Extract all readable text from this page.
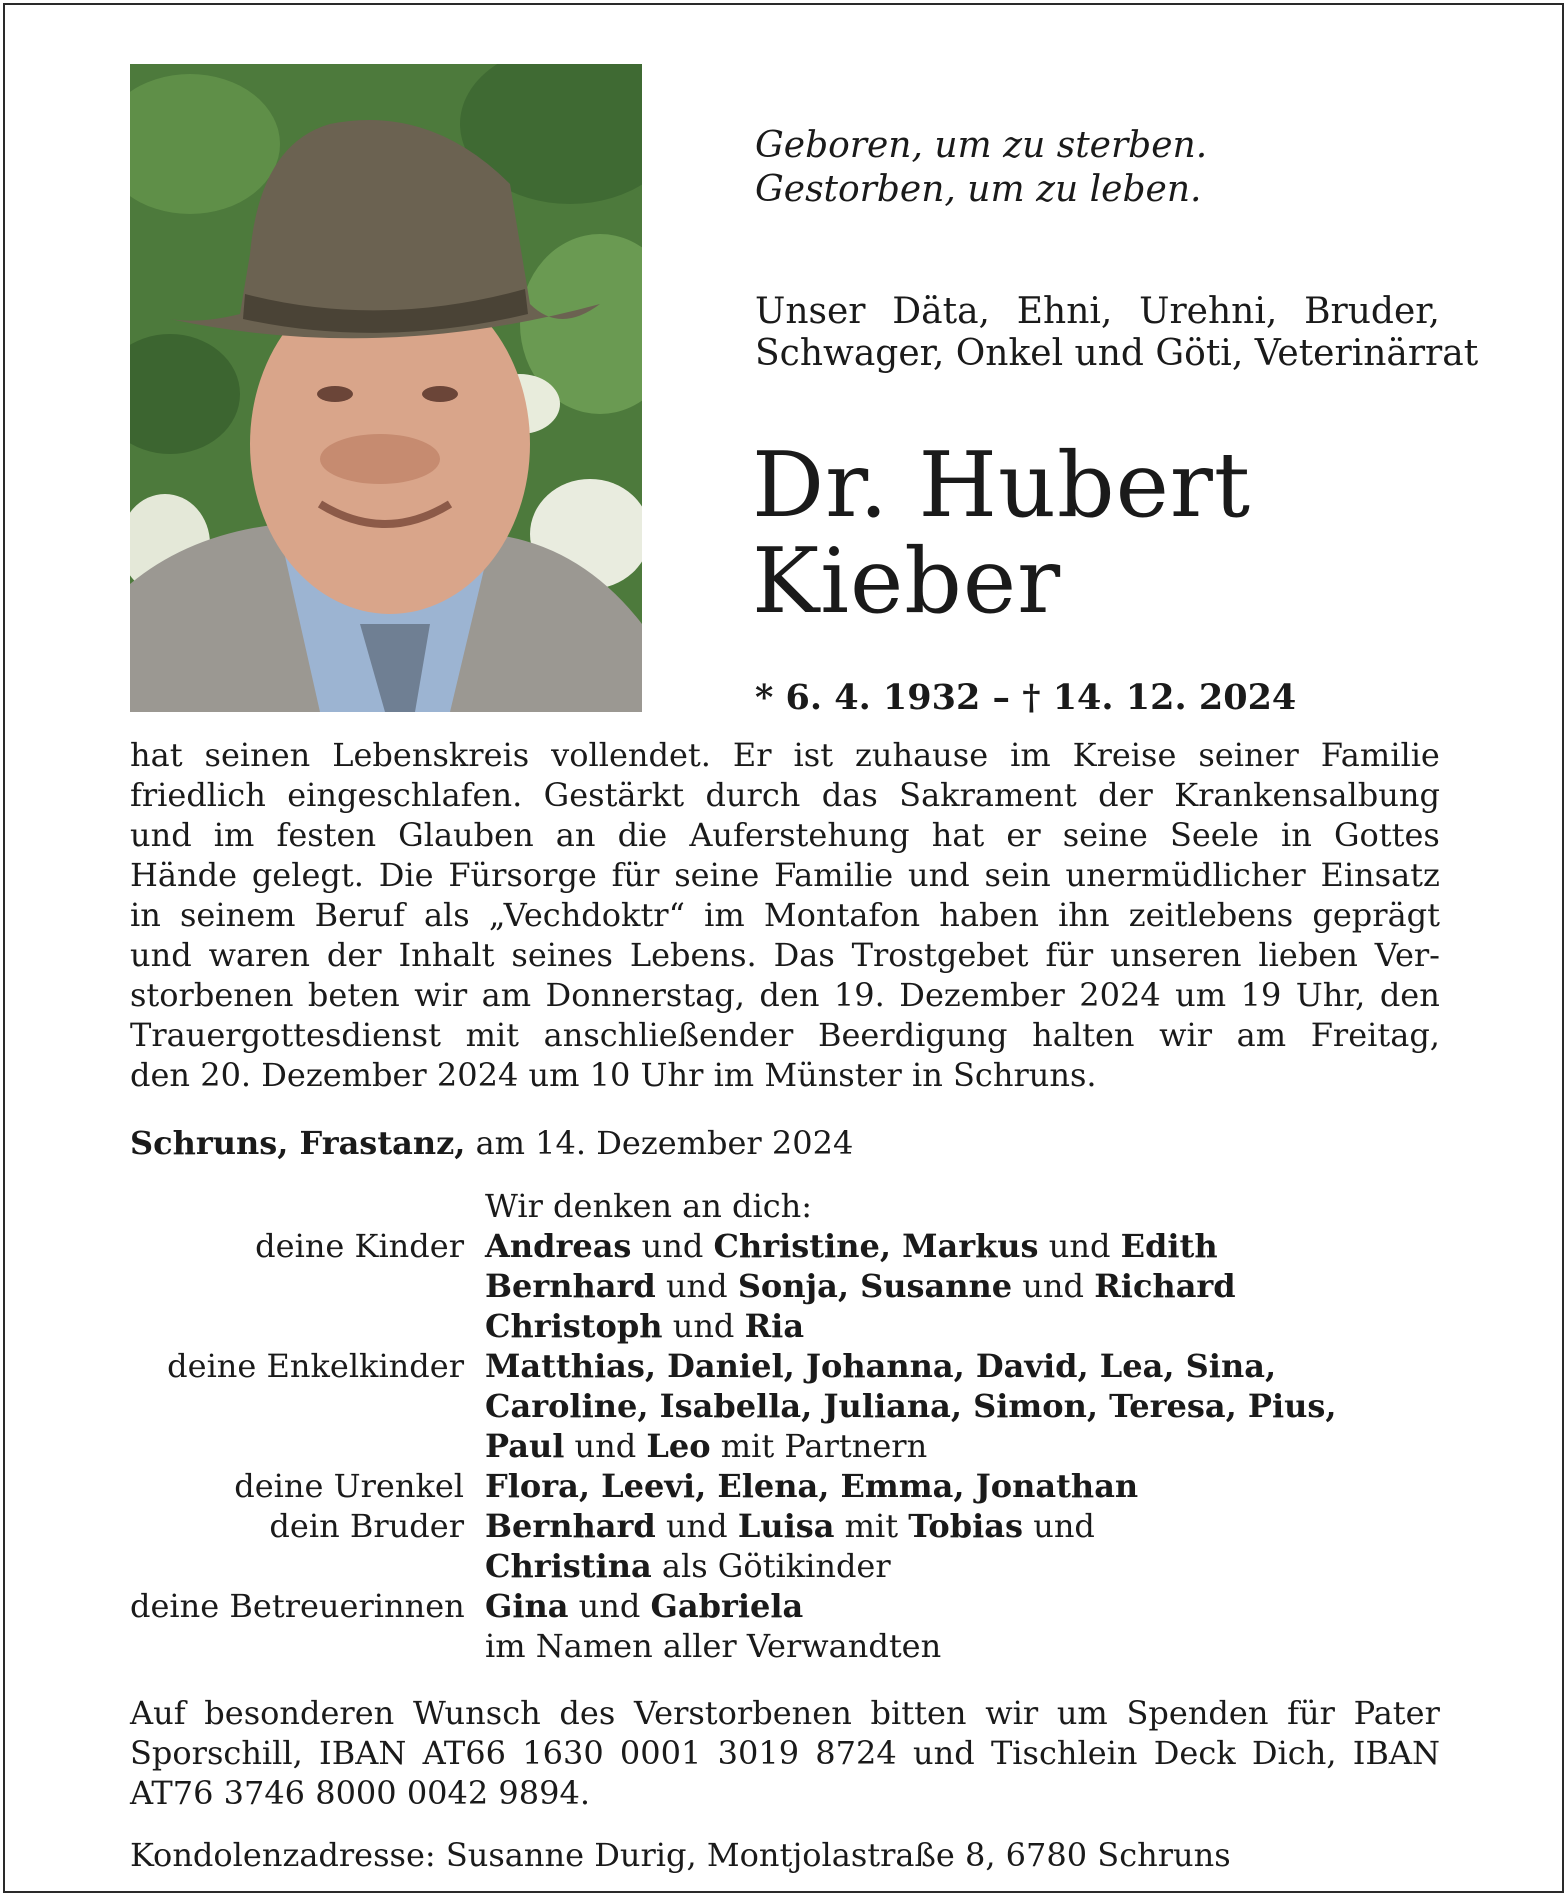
Geboren, um zu sterben.
Gestorben, um zu leben.
Unser Däta, Ehni, Urehni, Bruder,
Schwager, Onkel und Göti, Veterinärrat
Dr. Hubert
Kieber
* 6. 4. 1932 – † 14. 12. 2024
hat seinen Lebenskreis vollendet. Er ist zuhause im Kreise seiner Familie
friedlich eingeschlafen. Gestärkt durch das Sakrament der Krankensalbung
und im festen Glauben an die Auferstehung hat er seine Seele in Gottes
Hände gelegt. Die Fürsorge für seine Familie und sein unermüdlicher Einsatz
in seinem Beruf als „Vechdoktr“ im Montafon haben ihn zeitlebens geprägt
und waren der Inhalt seines Lebens. Das Trostgebet für unseren lieben Ver-
storbenen beten wir am Donnerstag, den 19. Dezember 2024 um 19 Uhr, den
Trauergottesdienst mit anschließender Beerdigung halten wir am Freitag,
den 20. Dezember 2024 um 10 Uhr im Münster in Schruns.
Schruns, Frastanz, am 14. Dezember 2024
Wir denken an dich:
deine Kinder Andreas und Christine, Markus und Edith
Bernhard und Sonja, Susanne und Richard
Christoph und Ria
deine Enkelkinder Matthias, Daniel, Johanna, David, Lea, Sina,
Caroline, Isabella, Juliana, Simon, Teresa, Pius,
Paul und Leo mit Partnern
deine Urenkel Flora, Leevi, Elena, Emma, Jonathan
dein Bruder Bernhard und Luisa mit Tobias und
Christina als Götikinder
deine Betreuerinnen Gina und Gabriela
im Namen aller Verwandten
Auf besonderen Wunsch des Verstorbenen bitten wir um Spenden für Pater
Sporschill, IBAN AT66 1630 0001 3019 8724 und Tischlein Deck Dich, IBAN
AT76 3746 8000 0042 9894.
Kondolenzadresse: Susanne Durig, Montjolastraße 8, 6780 Schruns
